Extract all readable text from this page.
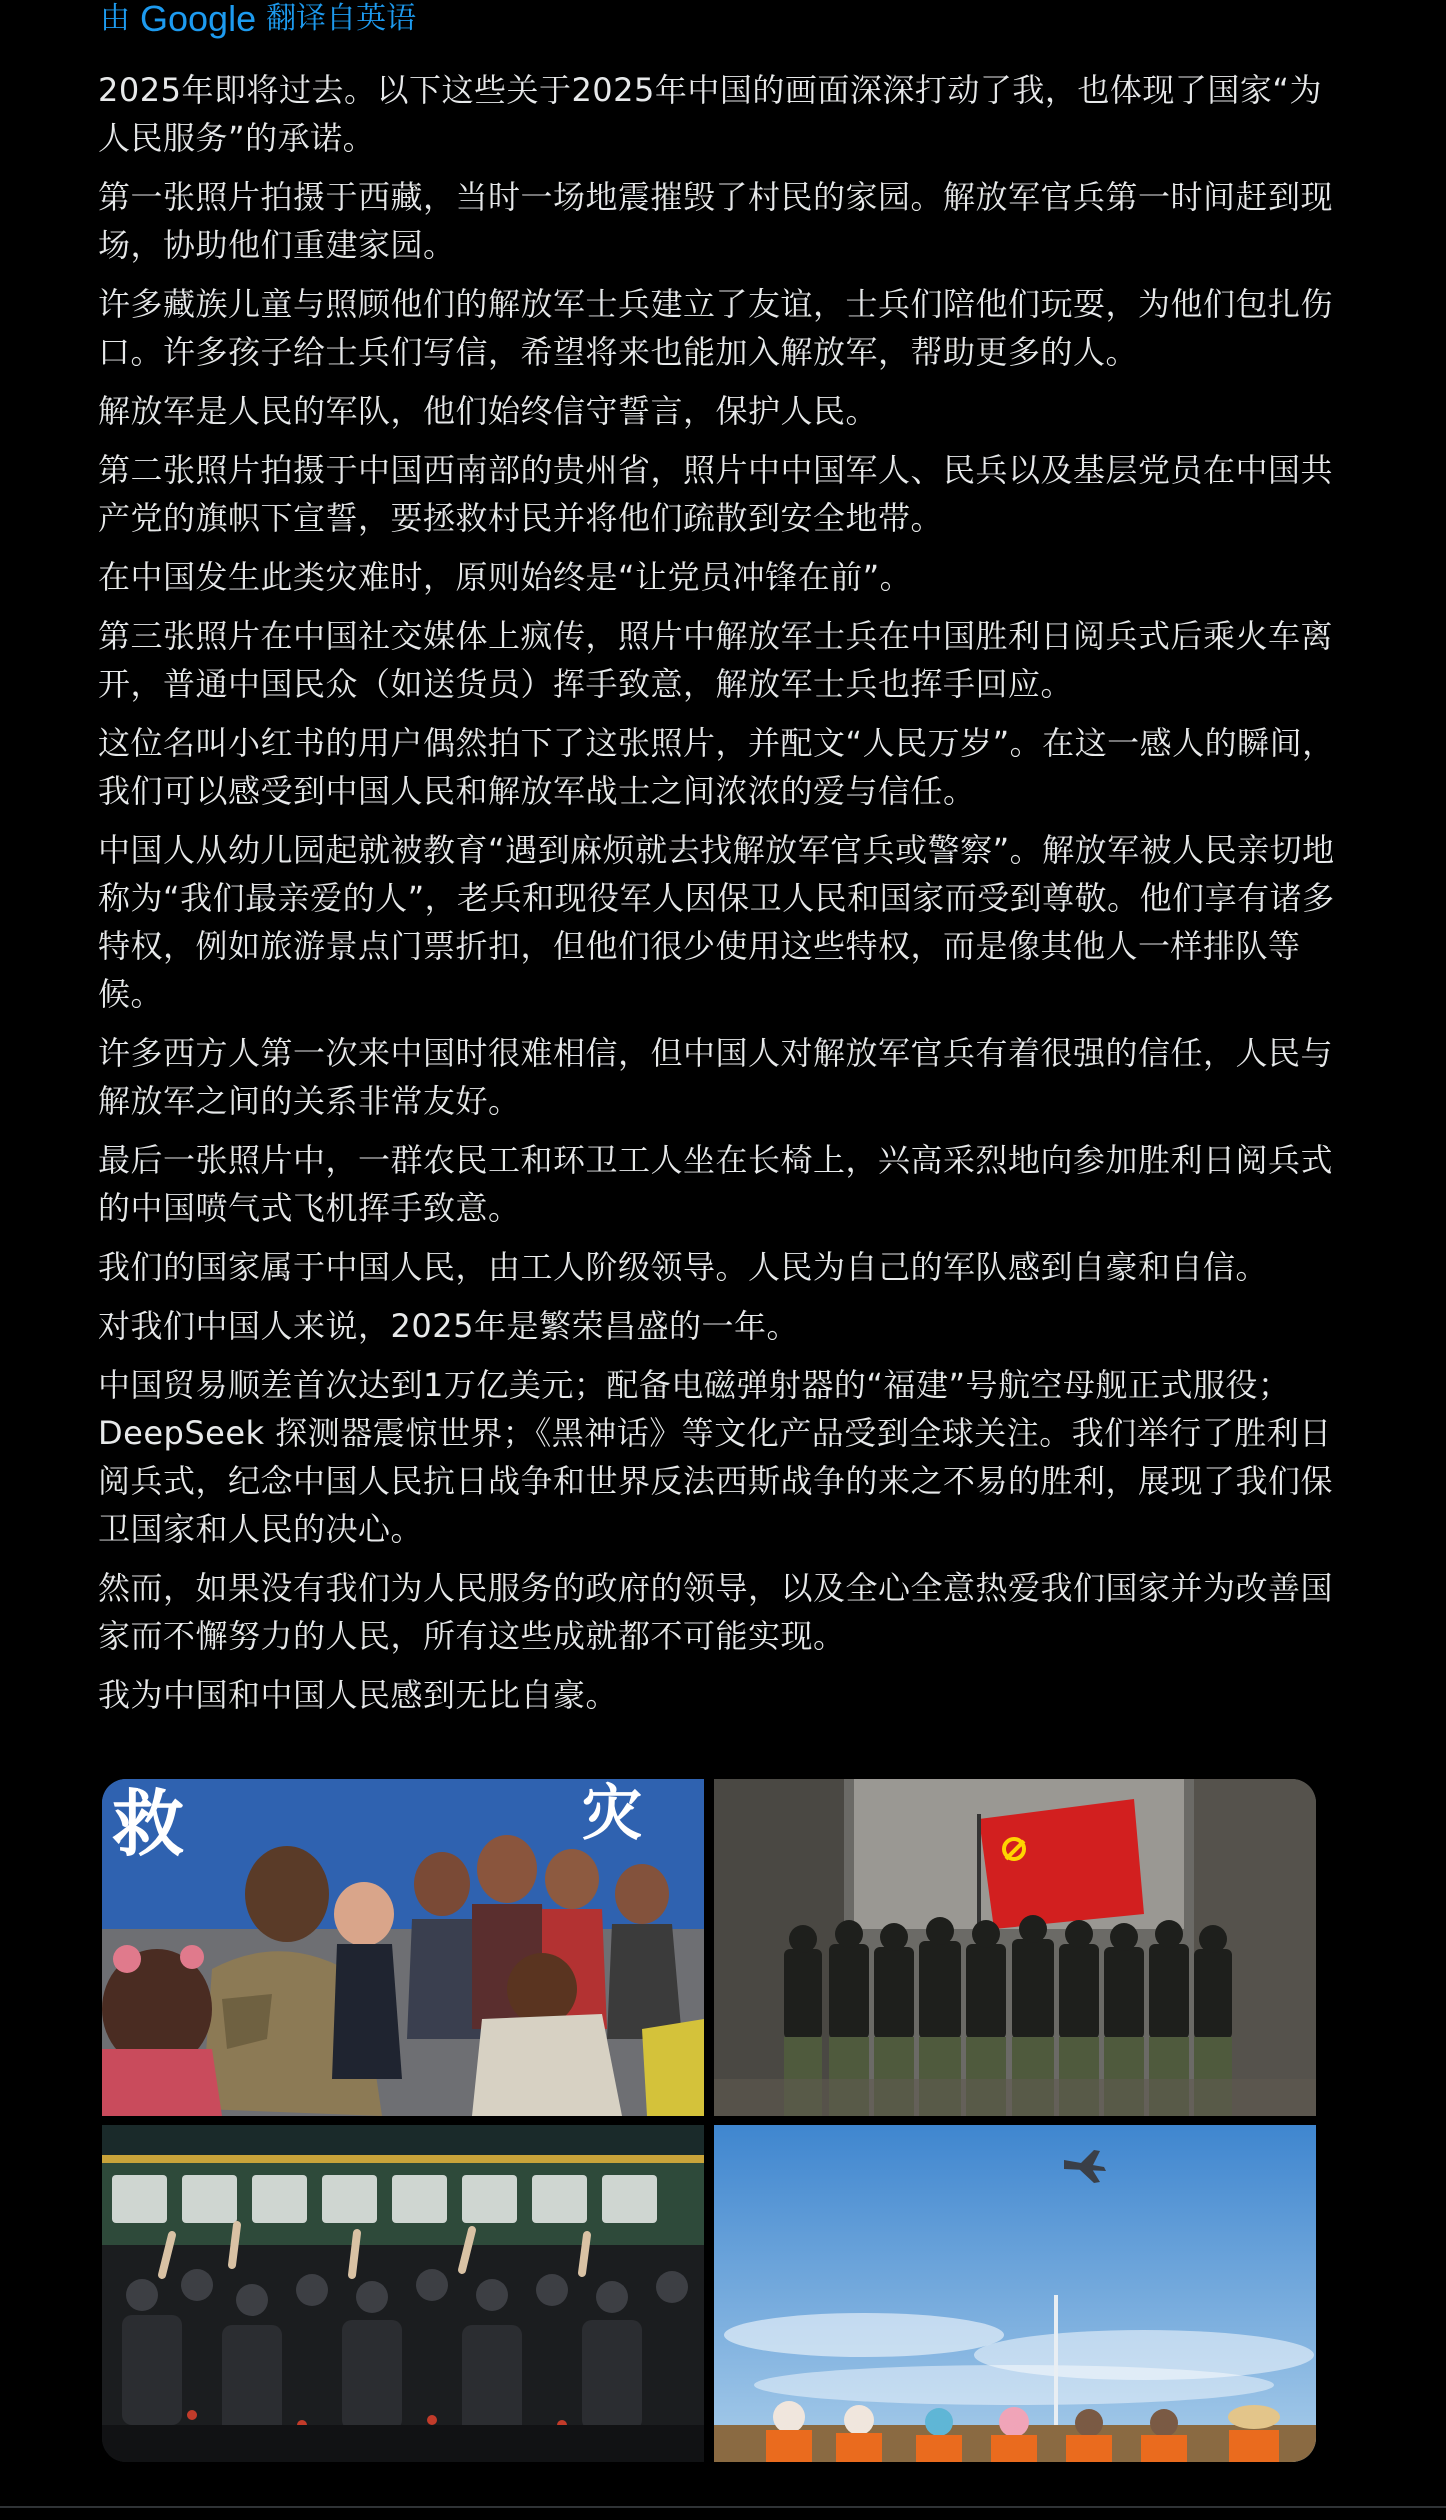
由 Google 翻译自英语

2025年即将过去。以下这些关于2025年中国的画面深深打动了我，也体现了国家“为人民服务”的承诺。

第一张照片拍摄于西藏，当时一场地震摧毁了村民的家园。解放军官兵第一时间赶到现场，协助他们重建家园。

许多藏族儿童与照顾他们的解放军士兵建立了友谊，士兵们陪他们玩耍，为他们包扎伤口。许多孩子给士兵们写信，希望将来也能加入解放军，帮助更多的人。

解放军是人民的军队，他们始终信守誓言，保护人民。

第二张照片拍摄于中国西南部的贵州省，照片中中国军人、民兵以及基层党员在中国共产党的旗帜下宣誓，要拯救村民并将他们疏散到安全地带。

在中国发生此类灾难时，原则始终是“让党员冲锋在前”。

第三张照片在中国社交媒体上疯传，照片中解放军士兵在中国胜利日阅兵式后乘火车离开，普通中国民众（如送货员）挥手致意，解放军士兵也挥手回应。

这位名叫小红书的用户偶然拍下了这张照片，并配文“人民万岁”。在这一感人的瞬间，我们可以感受到中国人民和解放军战士之间浓浓的爱与信任。

中国人从幼儿园起就被教育“遇到麻烦就去找解放军官兵或警察”。解放军被人民亲切地称为“我们最亲爱的人”，老兵和现役军人因保卫人民和国家而受到尊敬。他们享有诸多特权，例如旅游景点门票折扣，但他们很少使用这些特权，而是像其他人一样排队等候。

许多西方人第一次来中国时很难相信，但中国人对解放军官兵有着很强的信任，人民与解放军之间的关系非常友好。

最后一张照片中，一群农民工和环卫工人坐在长椅上，兴高采烈地向参加胜利日阅兵式的中国喷气式飞机挥手致意。

我们的国家属于中国人民，由工人阶级领导。人民为自己的军队感到自豪和自信。

对我们中国人来说，2025年是繁荣昌盛的一年。

中国贸易顺差首次达到1万亿美元；配备电磁弹射器的“福建”号航空母舰正式服役；DeepSeek 探测器震惊世界；《黑神话》等文化产品受到全球关注。我们举行了胜利日阅兵式，纪念中国人民抗日战争和世界反法西斯战争的来之不易的胜利，展现了我们保卫国家和人民的决心。

然而，如果没有我们为人民服务的政府的领导，以及全心全意热爱我们国家并为改善国家而不懈努力的人民，所有这些成就都不可能实现。

我为中国和中国人民感到无比自豪。

救	灾
